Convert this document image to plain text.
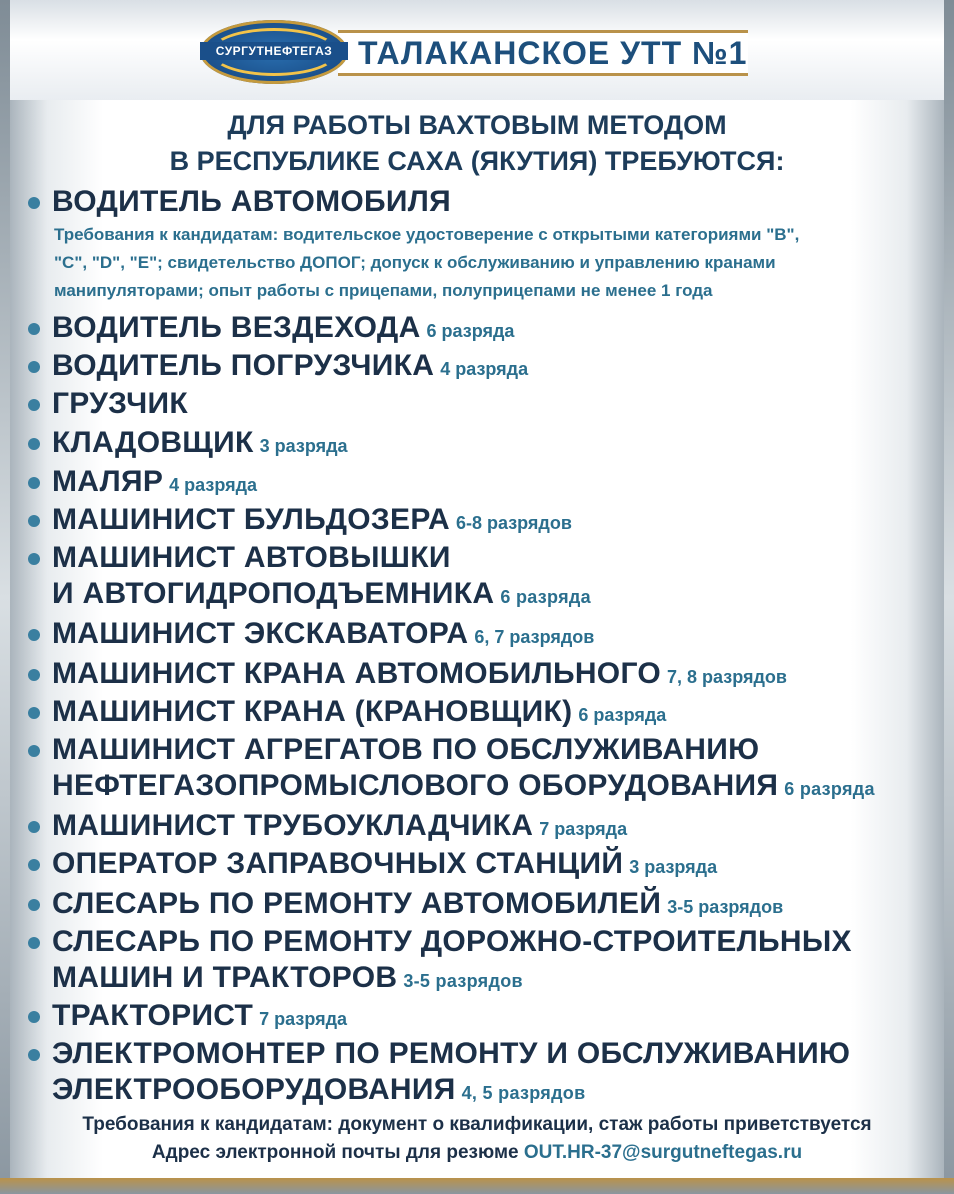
СУРГУТНЕФТЕГАЗ ТАЛАКАНСКОЕ УТТ №1
ДЛЯ РАБОТЫ ВАХТОВЫМ МЕТОДОМ
В РЕСПУБЛИКЕ САХА (ЯКУТИЯ) ТРЕБУЮТСЯ:
ВОДИТЕЛЬ АВТОМОБИЛЯ
Требования к кандидатам: водительское удостоверение с открытыми категориями "В",
"С", "D", "Е"; свидетельство ДОПОГ; допуск к обслуживанию и управлению кранами
манипуляторами; опыт работы с прицепами, полуприцепами не менее 1 года
ВОДИТЕЛЬ ВЕЗДЕХОДА 6 разряда
ВОДИТЕЛЬ ПОГРУЗЧИКА 4 разряда
ГРУЗЧИК
КЛАДОВЩИК 3 разряда
МАЛЯР 4 разряда
МАШИНИСТ БУЛЬДОЗЕРА 6-8 разрядов
МАШИНИСТ АВТОВЫШКИ
И АВТОГИДРОПОДЪЕМНИКА 6 разряда
МАШИНИСТ ЭКСКАВАТОРА 6, 7 разрядов
МАШИНИСТ КРАНА АВТОМОБИЛЬНОГО 7, 8 разрядов
МАШИНИСТ КРАНА (КРАНОВЩИК) 6 разряда
МАШИНИСТ АГРЕГАТОВ ПО ОБСЛУЖИВАНИЮ
НЕФТЕГАЗОПРОМЫСЛОВОГО ОБОРУДОВАНИЯ 6 разряда
МАШИНИСТ ТРУБОУКЛАДЧИКА 7 разряда
ОПЕРАТОР ЗАПРАВОЧНЫХ СТАНЦИЙ 3 разряда
СЛЕСАРЬ ПО РЕМОНТУ АВТОМОБИЛЕЙ 3-5 разрядов
СЛЕСАРЬ ПО РЕМОНТУ ДОРОЖНО-СТРОИТЕЛЬНЫХ
МАШИН И ТРАКТОРОВ 3-5 разрядов
ТРАКТОРИСТ 7 разряда
ЭЛЕКТРОМОНТЕР ПО РЕМОНТУ И ОБСЛУЖИВАНИЮ
ЭЛЕКТРООБОРУДОВАНИЯ 4, 5 разрядов
Требования к кандидатам: документ о квалификации, стаж работы приветствуется
Адрес электронной почты для резюме OUT.HR-37@surgutneftegas.ru
